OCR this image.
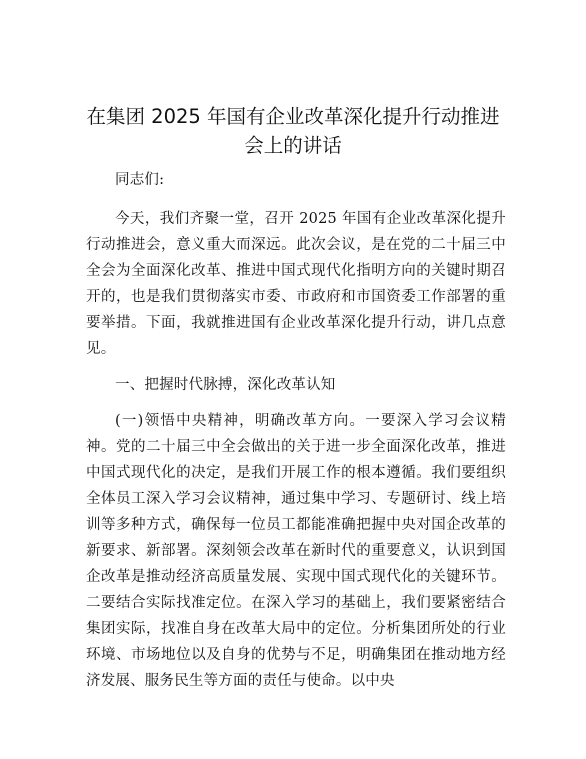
在集团 2025 年国有企业改革深化提升行动推进
会上的讲话

同志们:

今天，我们齐聚一堂，召开 2025 年国有企业改革深化提升行动推进会，意义重大而深远。此次会议，是在党的二十届三中全会为全面深化改革、推进中国式现代化指明方向的关键时期召开的，也是我们贯彻落实市委、市政府和市国资委工作部署的重要举措。下面，我就推进国有企业改革深化提升行动，讲几点意见。

一、把握时代脉搏，深化改革认知

(一)领悟中央精神，明确改革方向。一要深入学习会议精神。党的二十届三中全会做出的关于进一步全面深化改革，推进中国式现代化的决定，是我们开展工作的根本遵循。我们要组织全体员工深入学习会议精神，通过集中学习、专题研讨、线上培训等多种方式，确保每一位员工都能准确把握中央对国企改革的新要求、新部署。深刻领会改革在新时代的重要意义，认识到国企改革是推动经济高质量发展、实现中国式现代化的关键环节。二要结合实际找准定位。在深入学习的基础上，我们要紧密结合集团实际，找准自身在改革大局中的定位。分析集团所处的行业环境、市场地位以及自身的优势与不足，明确集团在推动地方经济发展、服务民生等方面的责任与使命。以中央
